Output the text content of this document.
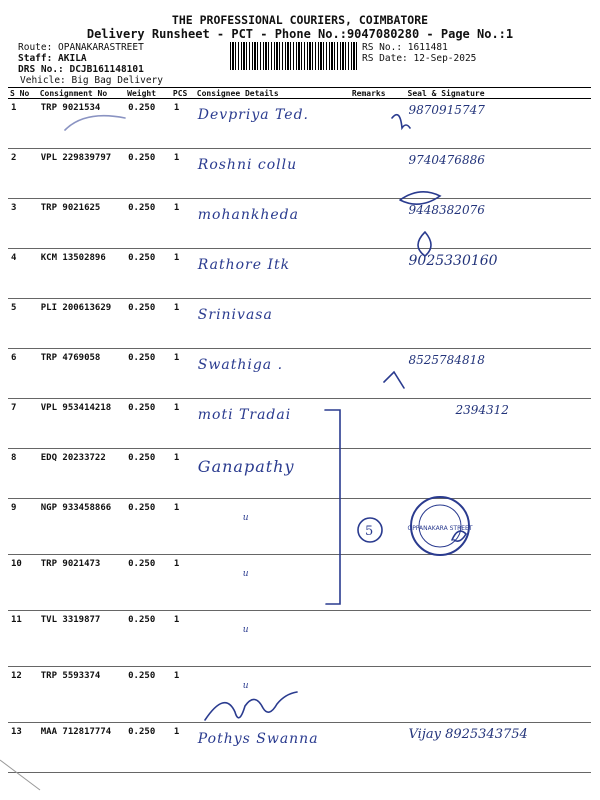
THE PROFESSIONAL COURIERS, COIMBATORE
Delivery Runsheet - PCT - Phone No.:9047080280 - Page No.:1
Route: OPANAKARASTREET
Staff: AKILA
DRS No.: DCJB161148101
Vehicle: Big Bag Delivery
RS No.: 1611481
RS Date: 12-Sep-2025
S No	Consignment No	Weight	PCS	Consignee Details	Remarks	Seal & Signature
1	TRP 9021534	0.250	1	Devpriya Ted.		9870915747
2	VPL 229839797	0.250	1	Roshni collu		9740476886
3	TRP 9021625	0.250	1	mohankheda		9448382076
4	KCM 13502896	0.250	1	Rathore Itk		9025330160
5	PLI 200613629	0.250	1	Srinivasa		
6	TRP 4769058	0.250	1	Swathiga .		8525784818
7	VPL 953414218	0.250	1	moti Tradai		2394312
8	EDQ 20233722	0.250	1	Ganapathy		
9	NGP 933458866	0.250	1	u		
10	TRP 9021473	0.250	1	u		
11	TVL 3319877	0.250	1	u		
12	TRP 5593374	0.250	1	u		
13	MAA 712817774	0.250	1	Pothys Swanna		Vijay 8925343754
5	OPPANAKARA STREET
